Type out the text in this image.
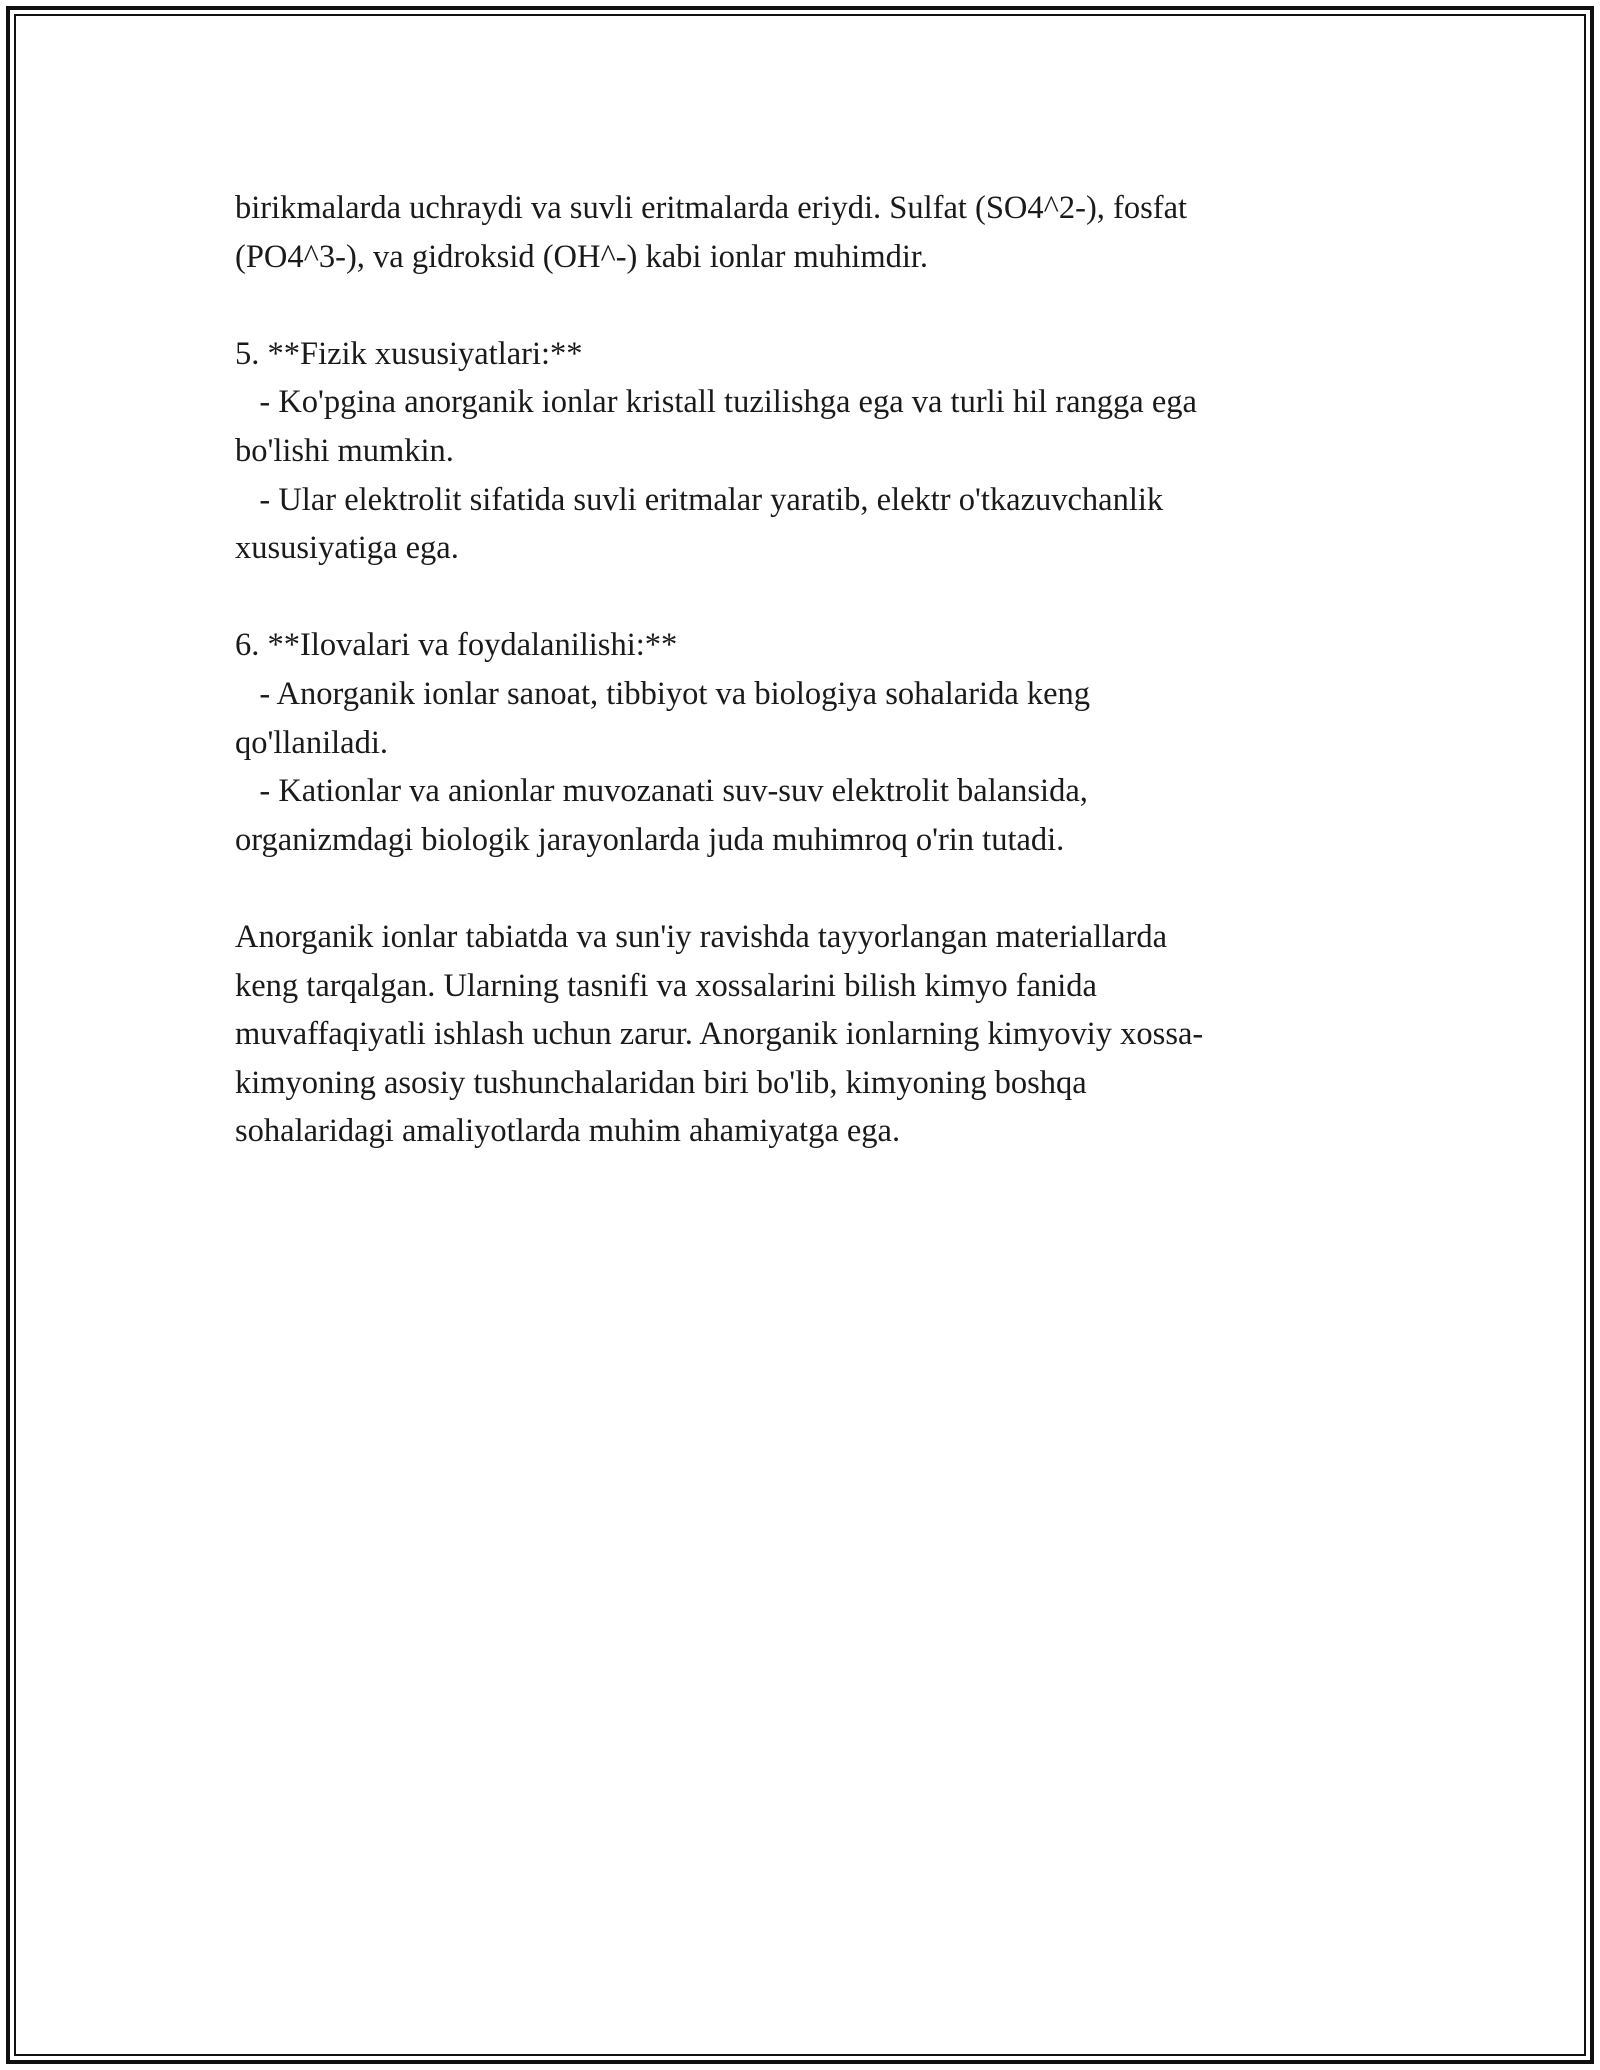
birikmalarda uchraydi va suvli eritmalarda eriydi. Sulfat (SO4^2-), fosfat
(PO4^3-), va gidroksid (OH^-) kabi ionlar muhimdir.
5. **Fizik xususiyatlari:**
- Ko'pgina anorganik ionlar kristall tuzilishga ega va turli hil rangga ega
bo'lishi mumkin.
- Ular elektrolit sifatida suvli eritmalar yaratib, elektr o'tkazuvchanlik
xususiyatiga ega.
6. **Ilovalari va foydalanilishi:**
- Anorganik ionlar sanoat, tibbiyot va biologiya sohalarida keng
qo'llaniladi.
- Kationlar va anionlar muvozanati suv-suv elektrolit balansida,
organizmdagi biologik jarayonlarda juda muhimroq o'rin tutadi.
Anorganik ionlar tabiatda va sun'iy ravishda tayyorlangan materiallarda
keng tarqalgan. Ularning tasnifi va xossalarini bilish kimyo fanida
muvaffaqiyatli ishlash uchun zarur. Anorganik ionlarning kimyoviy xossa-
kimyoning asosiy tushunchalaridan biri bo'lib, kimyoning boshqa
sohalaridagi amaliyotlarda muhim ahamiyatga ega.
